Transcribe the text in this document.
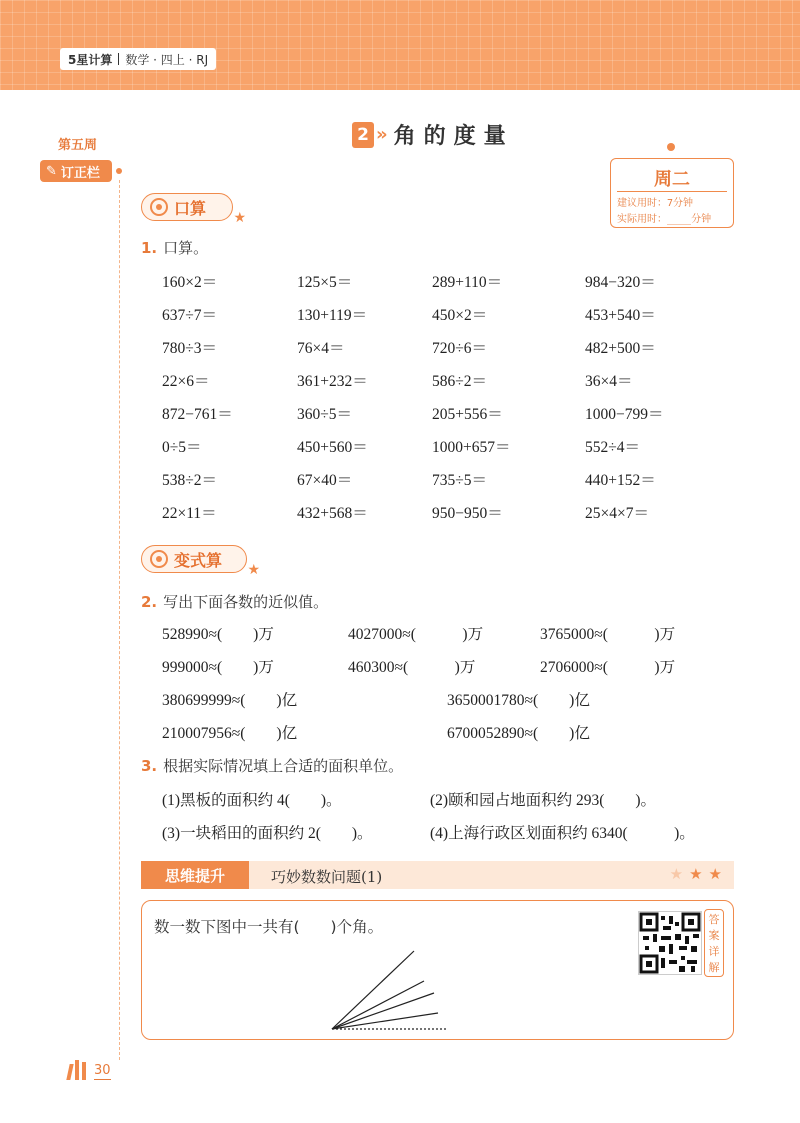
5星计算 数学 · 四上 · RJ
第五周
✎ 订正栏
2 » 角的度量
周二
建议用时：7分钟
实际用时：____分钟
口算
★
1. 口算。
160×2＝	125×5＝	289+110＝	984−320＝
637÷7＝	130+119＝	450×2＝	453+540＝
780÷3＝	76×4＝	720÷6＝	482+500＝
22×6＝	361+232＝	586÷2＝	36×4＝
872−761＝	360÷5＝	205+556＝	1000−799＝
0÷5＝	450+560＝	1000+657＝	552÷4＝
538÷2＝	67×40＝	735÷5＝	440+152＝
22×11＝	432+568＝	950−950＝	25×4×7＝
变式算
★
2. 写出下面各数的近似值。
528990≈(　　)万	4027000≈(　　　)万	3765000≈(　　　)万
999000≈(　　)万	460300≈(　　　)万	2706000≈(　　　)万
380699999≈(　　)亿	3650001780≈(　　)亿
210007956≈(　　)亿	6700052890≈(　　)亿
3. 根据实际情况填上合适的面积单位。
(1)黑板的面积约 4(　　)。	(2)颐和园占地面积约 293(　　)。
(3)一块稻田的面积约 2(　　)。	(4)上海行政区划面积约 6340(　　　)。
思维提升	巧妙数数问题(1)	★★★
数一数下图中一共有(　　)个角。	答
案
详
解
30
